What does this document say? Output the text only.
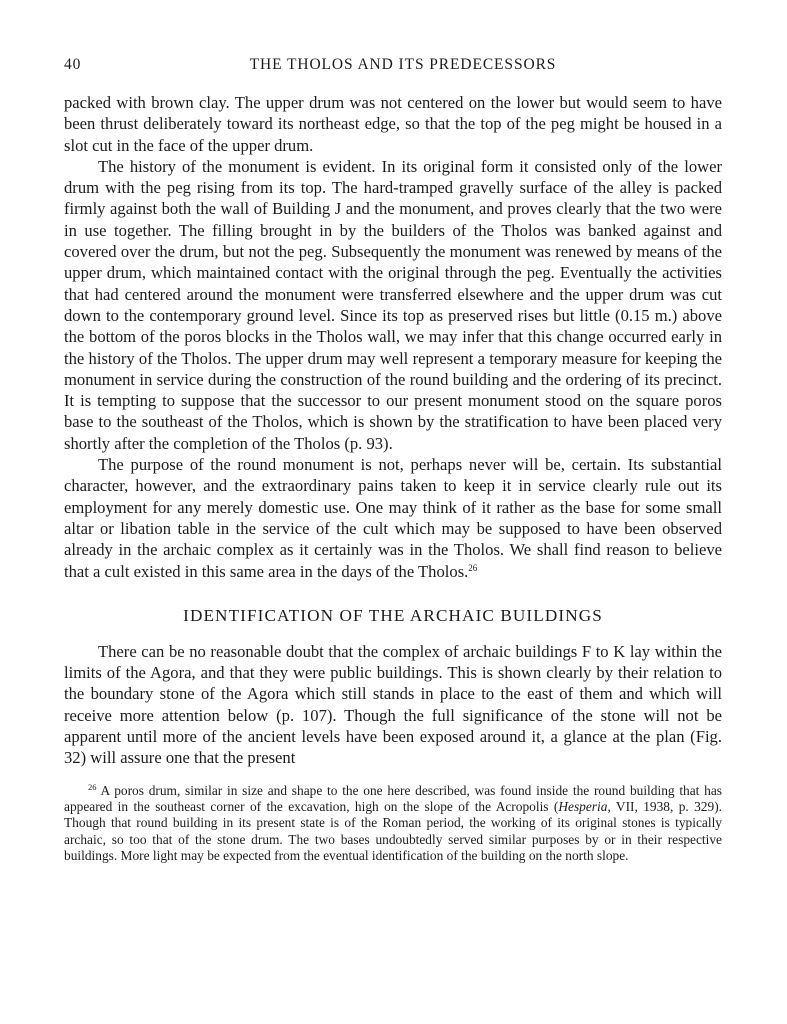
40	THE THOLOS AND ITS PREDECESSORS

packed with brown clay. The upper drum was not centered on the lower but would seem to have been thrust deliberately toward its northeast edge, so that the top of the peg might be housed in a slot cut in the face of the upper drum.

The history of the monument is evident. In its original form it consisted only of the lower drum with the peg rising from its top. The hard-tramped gravelly surface of the alley is packed firmly against both the wall of Building J and the monument, and proves clearly that the two were in use together. The filling brought in by the builders of the Tholos was banked against and covered over the drum, but not the peg. Subsequently the monument was renewed by means of the upper drum, which maintained contact with the original through the peg. Eventually the activities that had centered around the monument were transferred elsewhere and the upper drum was cut down to the contemporary ground level. Since its top as preserved rises but little (0.15 m.) above the bottom of the poros blocks in the Tholos wall, we may infer that this change occurred early in the history of the Tholos. The upper drum may well represent a temporary measure for keeping the monument in service during the construction of the round building and the ordering of its precinct. It is tempting to suppose that the successor to our present monument stood on the square poros base to the southeast of the Tholos, which is shown by the stratification to have been placed very shortly after the completion of the Tholos (p. 93).

The purpose of the round monument is not, perhaps never will be, certain. Its substantial character, however, and the extraordinary pains taken to keep it in service clearly rule out its employment for any merely domestic use. One may think of it rather as the base for some small altar or libation table in the service of the cult which may be supposed to have been observed already in the archaic complex as it certainly was in the Tholos. We shall find reason to believe that a cult existed in this same area in the days of the Tholos.$^{26}$

IDENTIFICATION OF THE ARCHAIC BUILDINGS

There can be no reasonable doubt that the complex of archaic buildings F to K lay within the limits of the Agora, and that they were public buildings. This is shown clearly by their relation to the boundary stone of the Agora which still stands in place to the east of them and which will receive more attention below (p. 107). Though the full significance of the stone will not be apparent until more of the ancient levels have been exposed around it, a glance at the plan (Fig. 32) will assure one that the present

$^{26}$ A poros drum, similar in size and shape to the one here described, was found inside the round building that has appeared in the southeast corner of the excavation, high on the slope of the Acropolis (Hesperia, VII, 1938, p. 329). Though that round building in its present state is of the Roman period, the working of its original stones is typically archaic, so too that of the stone drum. The two bases undoubtedly served similar purposes by or in their respective buildings. More light may be expected from the eventual identification of the building on the north slope.
